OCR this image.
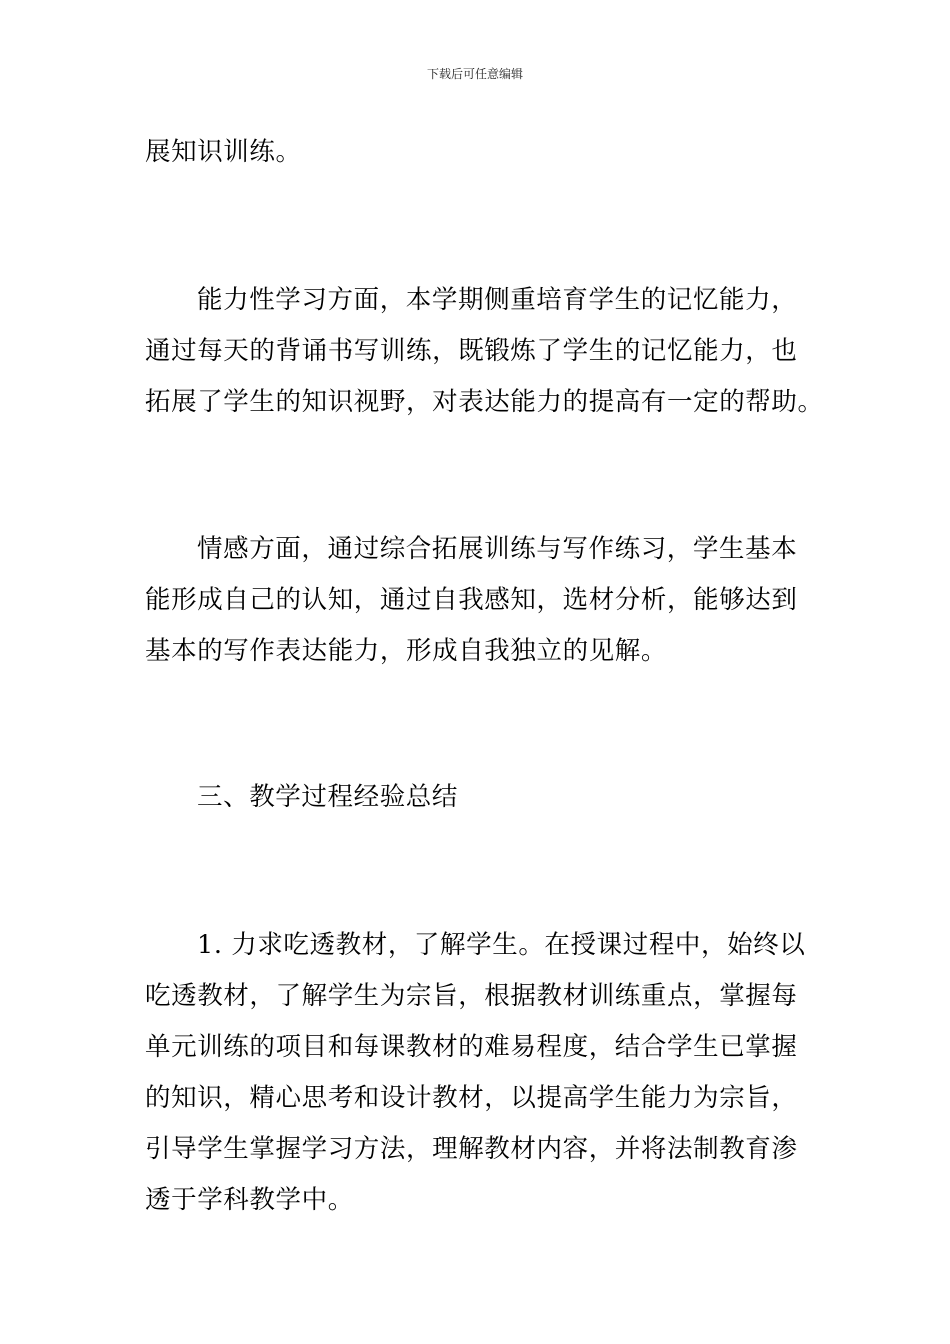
下载后可任意编辑
展知识训练。
能力性学习方面，本学期侧重培育学生的记忆能力，
通过每天的背诵书写训练，既锻炼了学生的记忆能力，也
拓展了学生的知识视野，对表达能力的提高有一定的帮助。
情感方面，通过综合拓展训练与写作练习，学生基本
能形成自己的认知，通过自我感知，选材分析，能够达到
基本的写作表达能力，形成自我独立的见解。
三、教学过程经验总结
1. 力求吃透教材，了解学生。在授课过程中，始终以
吃透教材，了解学生为宗旨，根据教材训练重点，掌握每
单元训练的项目和每课教材的难易程度，结合学生已掌握
的知识，精心思考和设计教材，以提高学生能力为宗旨，
引导学生掌握学习方法，理解教材内容，并将法制教育渗
透于学科教学中。
